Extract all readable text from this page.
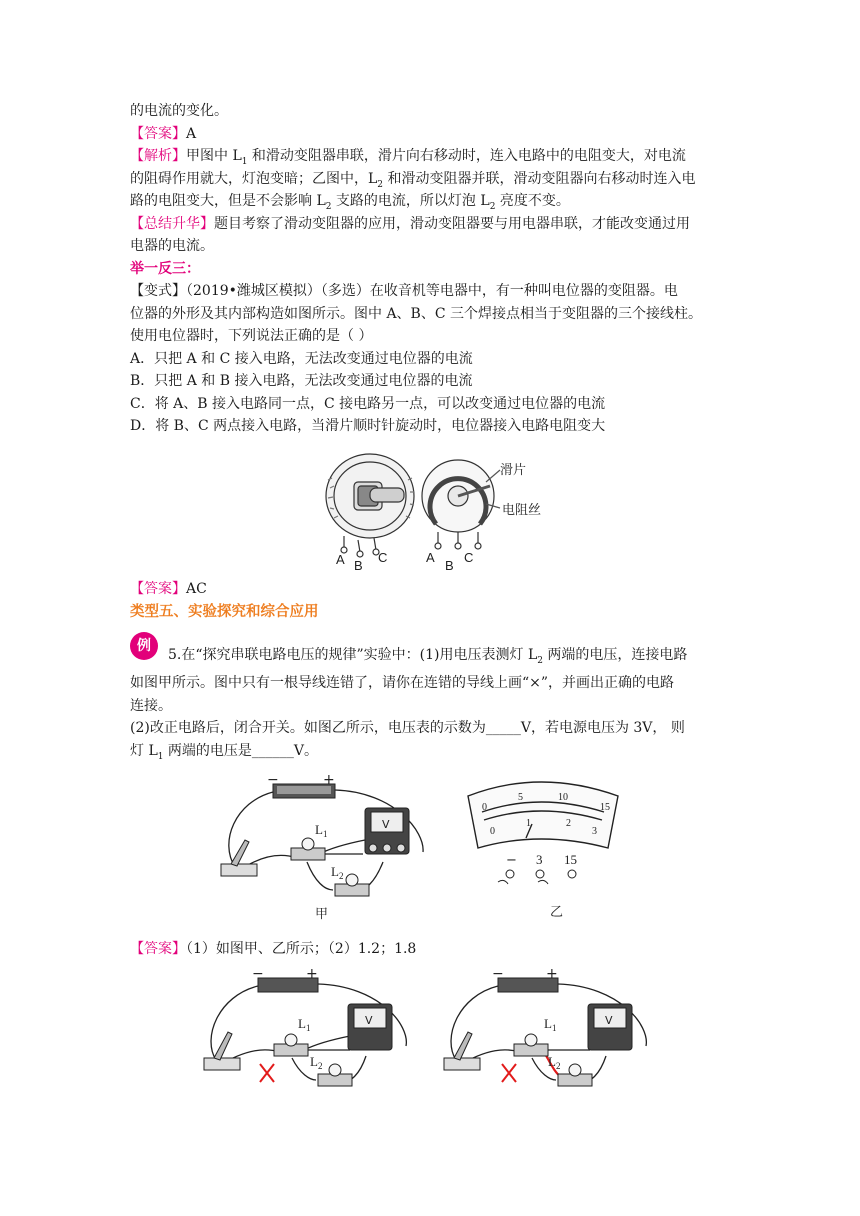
的电流的变化。

【答案】A

【解析】甲图中 $L_1$ 和滑动变阻器串联，滑片向右移动时，连入电路中的电阻变大，对电流

的阻碍作用就大，灯泡变暗；乙图中，$L_2$ 和滑动变阻器并联，滑动变阻器向右移动时连入电

路的电阻变大，但是不会影响 $L_2$ 支路的电流，所以灯泡 $L_2$ 亮度不变。

【总结升华】题目考察了滑动变阻器的应用，滑动变阻器要与用电器串联，才能改变通过用

电器的电流。

举一反三：

【变式】（2019•潍城区模拟）（多选）在收音机等电器中，有一种叫电位器的变阻器。电

位器的外形及其内部构造如图所示。图中 A、B、C 三个焊接点相当于变阻器的三个接线柱。

使用电位器时，下列说法正确的是（ ）

A．只把 A 和 C 接入电路，无法改变通过电位器的电流

B．只把 A 和 B 接入电路，无法改变通过电位器的电流

C．将 A、B 接入电路同一点，C 接电路另一点，可以改变通过电位器的电流

D．将 B、C 两点接入电路，当滑片顺时针旋动时，电位器接入电路电阻变大

滑片
电阻丝
A B
C	A
B
C

【答案】AC

类型五、实验探究和综合应用

例
5.在“探究串联电路电压的规律”实验中：(1)用电压表测灯 $L_2$ 两端的电压，连接电路

如图甲所示。图中只有一根导线连错了，请你在连错的导线上画“×”，并画出正确的电路

连接。

(2)改正电路后，闭合开关。如图乙所示，电压表的示数为_____V，若电源电压为 3V， 则

灯 $L_1$ 两端的电压是______V。

−	+
$L_1$
$L_2$
V
甲
0
5	10
15
0
1	2
3
− 3 15
乙

【答案】（1）如图甲、乙所示；（2）1.2；1.8

−	+
$L_1$
$L_2$
V
−	+
$L_1$
$L_2$
V
